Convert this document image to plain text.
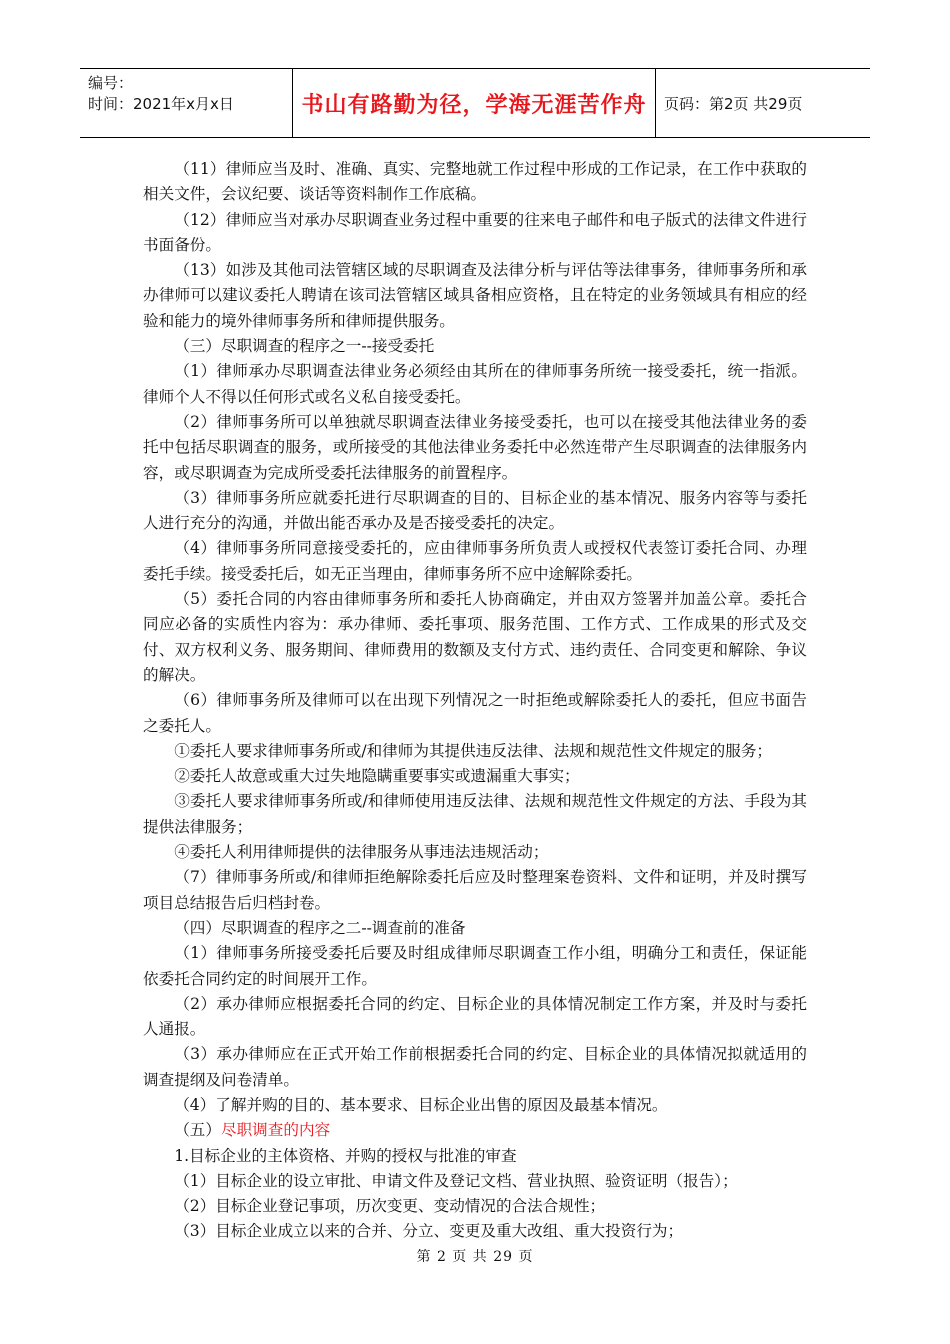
编号：
时间：2021年x月x日	书山有路勤为径，学海无涯苦作舟	页码：第2页 共29页

（11）律师应当及时、准确、真实、完整地就工作过程中形成的工作记录，在工作中获取的相关文件，会议纪要、谈话等资料制作工作底稿。

（12）律师应当对承办尽职调查业务过程中重要的往来电子邮件和电子版式的法律文件进行书面备份。

（13）如涉及其他司法管辖区域的尽职调查及法律分析与评估等法律事务，律师事务所和承办律师可以建议委托人聘请在该司法管辖区域具备相应资格，且在特定的业务领域具有相应的经验和能力的境外律师事务所和律师提供服务。

（三）尽职调查的程序之一--接受委托

（1）律师承办尽职调查法律业务必须经由其所在的律师事务所统一接受委托，统一指派。律师个人不得以任何形式或名义私自接受委托。

（2）律师事务所可以单独就尽职调查法律业务接受委托，也可以在接受其他法律业务的委托中包括尽职调查的服务，或所接受的其他法律业务委托中必然连带产生尽职调查的法律服务内容，或尽职调查为完成所受委托法律服务的前置程序。

（3）律师事务所应就委托进行尽职调查的目的、目标企业的基本情况、服务内容等与委托人进行充分的沟通，并做出能否承办及是否接受委托的决定。

（4）律师事务所同意接受委托的，应由律师事务所负责人或授权代表签订委托合同、办理委托手续。接受委托后，如无正当理由，律师事务所不应中途解除委托。

（5）委托合同的内容由律师事务所和委托人协商确定，并由双方签署并加盖公章。委托合同应必备的实质性内容为：承办律师、委托事项、服务范围、工作方式、工作成果的形式及交付、双方权利义务、服务期间、律师费用的数额及支付方式、违约责任、合同变更和解除、争议的解决。

（6）律师事务所及律师可以在出现下列情况之一时拒绝或解除委托人的委托，但应书面告之委托人。

①委托人要求律师事务所或/和律师为其提供违反法律、法规和规范性文件规定的服务；

②委托人故意或重大过失地隐瞒重要事实或遗漏重大事实；

③委托人要求律师事务所或/和律师使用违反法律、法规和规范性文件规定的方法、手段为其提供法律服务；

④委托人利用律师提供的法律服务从事违法违规活动；

（7）律师事务所或/和律师拒绝解除委托后应及时整理案卷资料、文件和证明，并及时撰写项目总结报告后归档封卷。

（四）尽职调查的程序之二--调查前的准备

（1）律师事务所接受委托后要及时组成律师尽职调查工作小组，明确分工和责任，保证能依委托合同约定的时间展开工作。

（2）承办律师应根据委托合同的约定、目标企业的具体情况制定工作方案，并及时与委托人通报。

（3）承办律师应在正式开始工作前根据委托合同的约定、目标企业的具体情况拟就适用的调查提纲及问卷清单。

（4）了解并购的目的、基本要求、目标企业出售的原因及最基本情况。

（五）尽职调查的内容

1.目标企业的主体资格、并购的授权与批准的审查

（1）目标企业的设立审批、申请文件及登记文档、营业执照、验资证明（报告）；

（2）目标企业登记事项，历次变更、变动情况的合法合规性；

（3）目标企业成立以来的合并、分立、变更及重大改组、重大投资行为；

第 2 页 共 29 页
